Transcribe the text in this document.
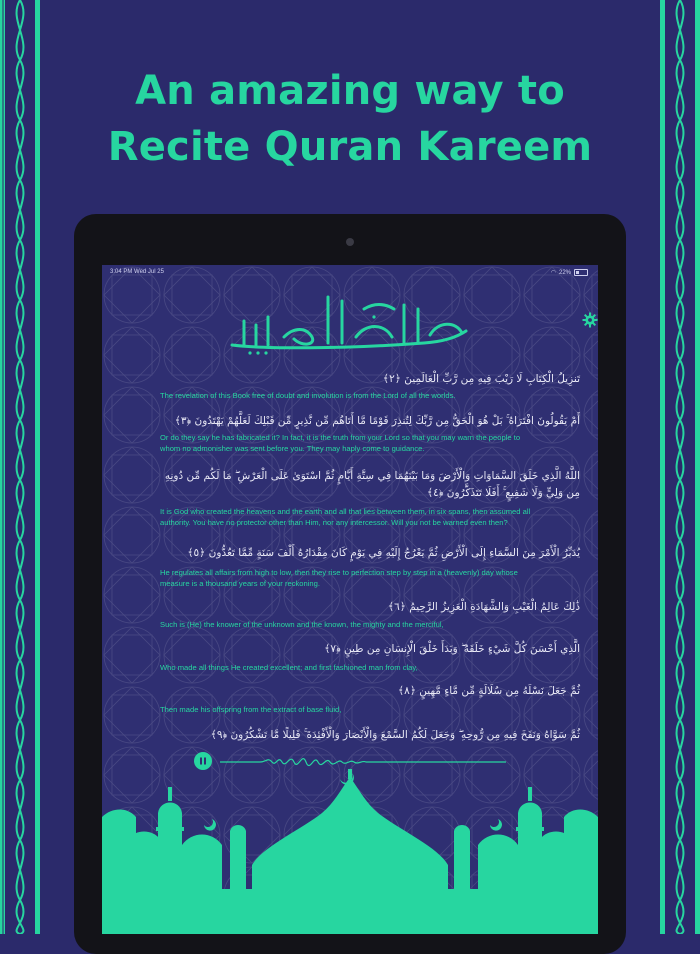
An amazing way to
Recite Quran Kareem
3:04 PM Wed Jul 25	◠ 22%
تَنزِيلُ الْكِتَابِ لَا رَيْبَ فِيهِ مِن رَّبِّ الْعَالَمِينَ ﴿٢﴾
The revelation of this Book free of doubt and involution is from the Lord of all the worlds.
أَمْ يَقُولُونَ افْتَرَاهُ ۚ بَلْ هُوَ الْحَقُّ مِن رَّبِّكَ لِتُنذِرَ قَوْمًا مَّا أَتَاهُم مِّن نَّذِيرٍ مِّن قَبْلِكَ لَعَلَّهُمْ يَهْتَدُونَ ﴿٣﴾
Or do they say he has fabricated it? In fact, it is the truth from your Lord so that you may warn the people to whom no admonisher was sent before you. They may haply come to guidance.
اللَّهُ الَّذِي خَلَقَ السَّمَاوَاتِ وَالْأَرْضَ وَمَا بَيْنَهُمَا فِي سِتَّةِ أَيَّامٍ ثُمَّ اسْتَوَىٰ عَلَى الْعَرْشِ ۖ مَا لَكُم مِّن دُونِهِ مِن وَلِيٍّ وَلَا شَفِيعٍ ۚ أَفَلَا تَتَذَكَّرُونَ ﴿٤﴾
It is God who created the heavens and the earth and all that lies between them, in six spans, then assumed all authority. You have no protector other than Him, nor any intercessor. Will you not be warned even then?
يُدَبِّرُ الْأَمْرَ مِنَ السَّمَاءِ إِلَى الْأَرْضِ ثُمَّ يَعْرُجُ إِلَيْهِ فِي يَوْمٍ كَانَ مِقْدَارُهُ أَلْفَ سَنَةٍ مِّمَّا تَعُدُّونَ ﴿٥﴾
He regulates all affairs from high to low, then they rise to perfection step by step in a (heavenly) day whose measure is a thousand years of your reckoning.
ذَٰلِكَ عَالِمُ الْغَيْبِ وَالشَّهَادَةِ الْعَزِيزُ الرَّحِيمُ ﴿٦﴾
Such is (He) the knower of the unknown and the known, the mighty and the merciful,
الَّذِي أَحْسَنَ كُلَّ شَيْءٍ خَلَقَهُ ۖ وَبَدَأَ خَلْقَ الْإِنسَانِ مِن طِينٍ ﴿٧﴾
Who made all things He created excellent; and first fashioned man from clay,
ثُمَّ جَعَلَ نَسْلَهُ مِن سُلَالَةٍ مِّن مَّاءٍ مَّهِينٍ ﴿٨﴾
Then made his offspring from the extract of base fluid,
ثُمَّ سَوَّاهُ وَنَفَخَ فِيهِ مِن رُّوحِهِ ۖ وَجَعَلَ لَكُمُ السَّمْعَ وَالْأَبْصَارَ وَالْأَفْئِدَةَ ۚ قَلِيلًا مَّا تَشْكُرُونَ ﴿٩﴾
